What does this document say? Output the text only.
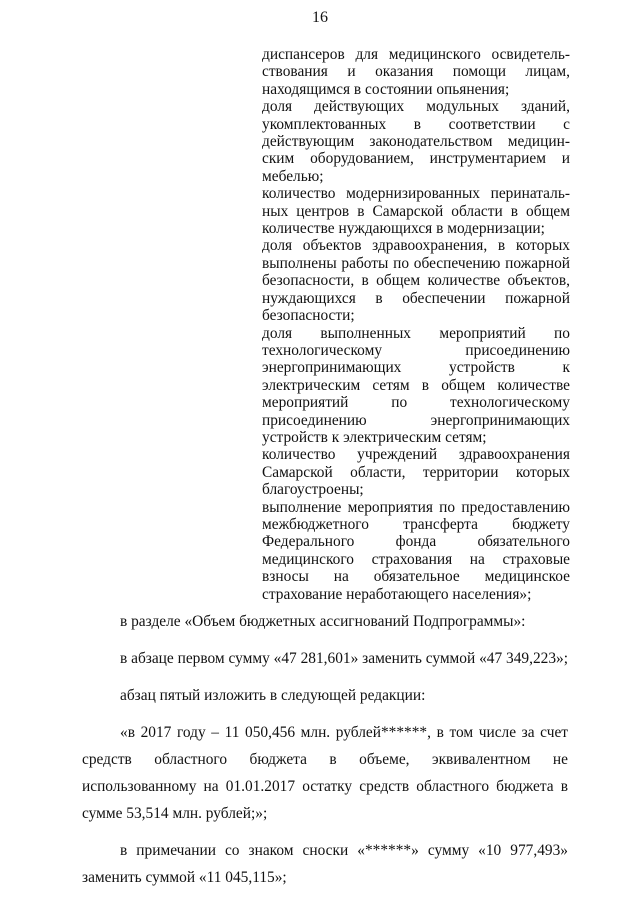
16

диспансеров для медицинского освидетельствования и оказания помощи лицам, находящимся в состоянии опьянения;

доля действующих модульных зданий, укомплектованных в соответствии с действующим законодательством медицинским оборудованием, инструментарием и мебелью;

количество модернизированных перинатальных центров в Самарской области в общем количестве нуждающихся в модернизации;

доля объектов здравоохранения, в которых выполнены работы по обеспечению пожарной безопасности, в общем количестве объектов, нуждающихся в обеспечении пожарной безопасности;

доля выполненных мероприятий по технологическому присоединению энергопринимающих устройств к электрическим сетям в общем количестве мероприятий по технологическому присоединению энергопринимающих устройств к электрическим сетям;

количество учреждений здравоохранения Самарской области, территории которых благоустроены;

выполнение мероприятия по предоставлению межбюджетного трансферта бюджету Федерального фонда обязательного медицинского страхования на страховые взносы на обязательное медицинское страхование неработающего населения»;

в разделе «Объем бюджетных ассигнований Подпрограммы»:

в абзаце первом сумму «47 281,601» заменить суммой «47 349,223»;

абзац пятый изложить в следующей редакции:

«в 2017 году – 11 050,456 млн. рублей******, в том числе за счет средств областного бюджета в объеме, эквивалентном не использованному на 01.01.2017 остатку средств областного бюджета в сумме 53,514 млн. рублей;»;

в примечании со знаком сноски «******» сумму «10 977,493» заменить суммой «11 045,115»;
